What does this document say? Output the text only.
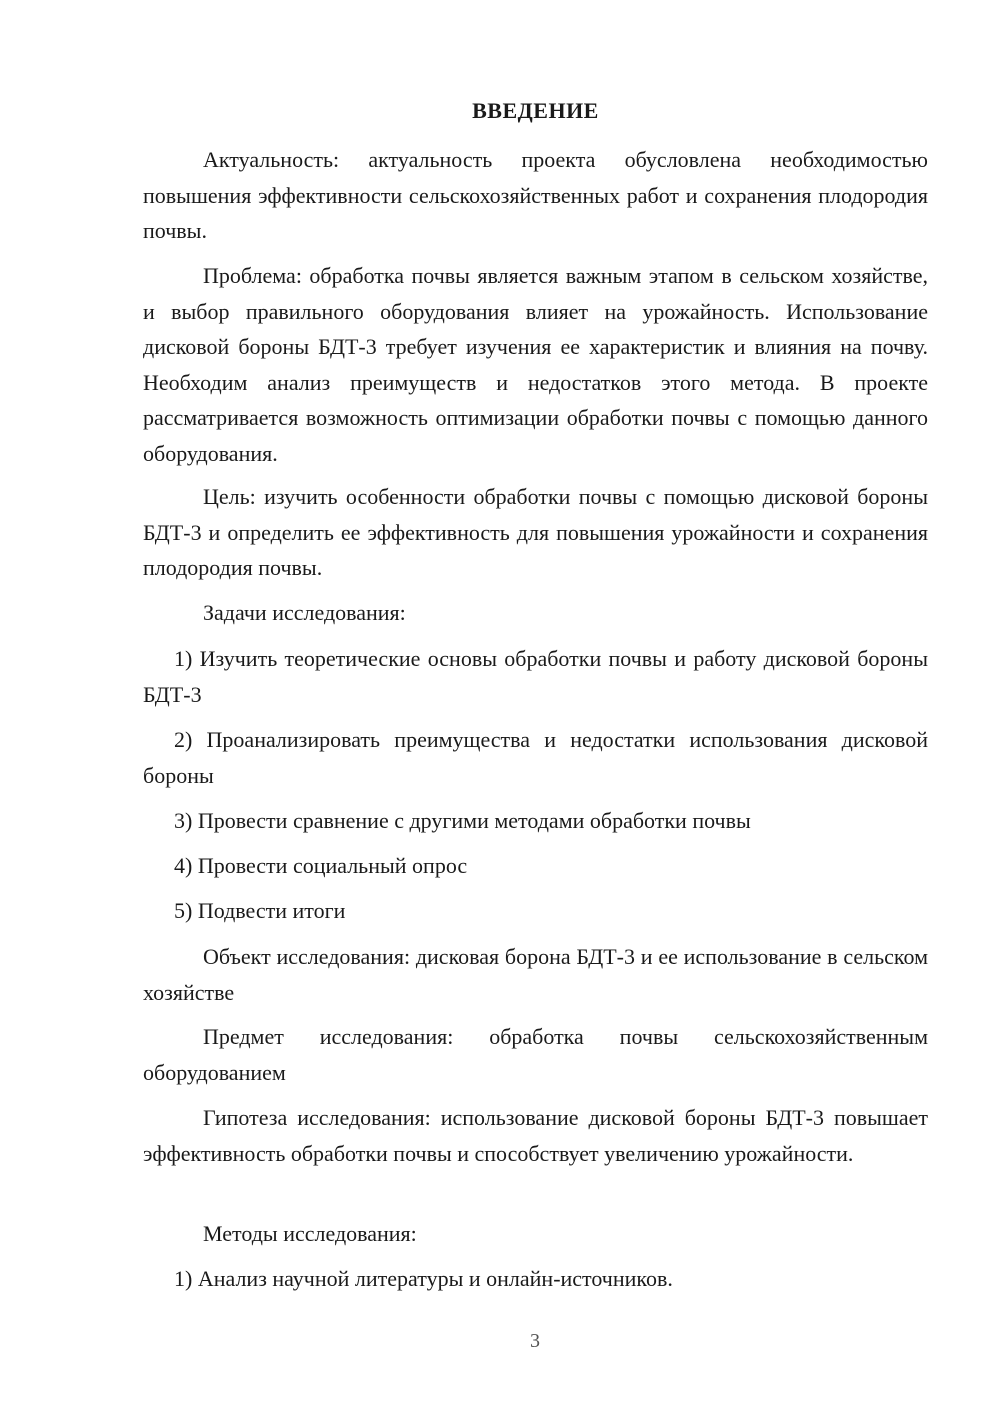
ВВЕДЕНИЕ
Актуальность: актуальность проекта обусловлена необходимостью повышения эффективности сельскохозяйственных работ и сохранения плодородия почвы.
Проблема: обработка почвы является важным этапом в сельском хозяйстве, и выбор правильного оборудования влияет на урожайность. Использование дисковой бороны БДТ-3 требует изучения ее характеристик и влияния на почву. Необходим анализ преимуществ и недостатков этого метода. В проекте рассматривается возможность оптимизации обработки почвы с помощью данного оборудования.
Цель: изучить особенности обработки почвы с помощью дисковой бороны БДТ-3 и определить ее эффективность для повышения урожайности и сохранения плодородия почвы.
Задачи исследования:
1) Изучить теоретические основы обработки почвы и работу дисковой бороны БДТ-3
2) Проанализировать преимущества и недостатки использования дисковой бороны
3) Провести сравнение с другими методами обработки почвы
4) Провести социальный опрос
5) Подвести итоги
Объект исследования: дисковая борона БДТ-3 и ее использование в сельском хозяйстве
Предмет исследования: обработка почвы сельскохозяйственным оборудованием
Гипотеза исследования: использование дисковой бороны БДТ-3 повышает эффективность обработки почвы и способствует увеличению урожайности.
Методы исследования:
1) Анализ научной литературы и онлайн-источников.
3
